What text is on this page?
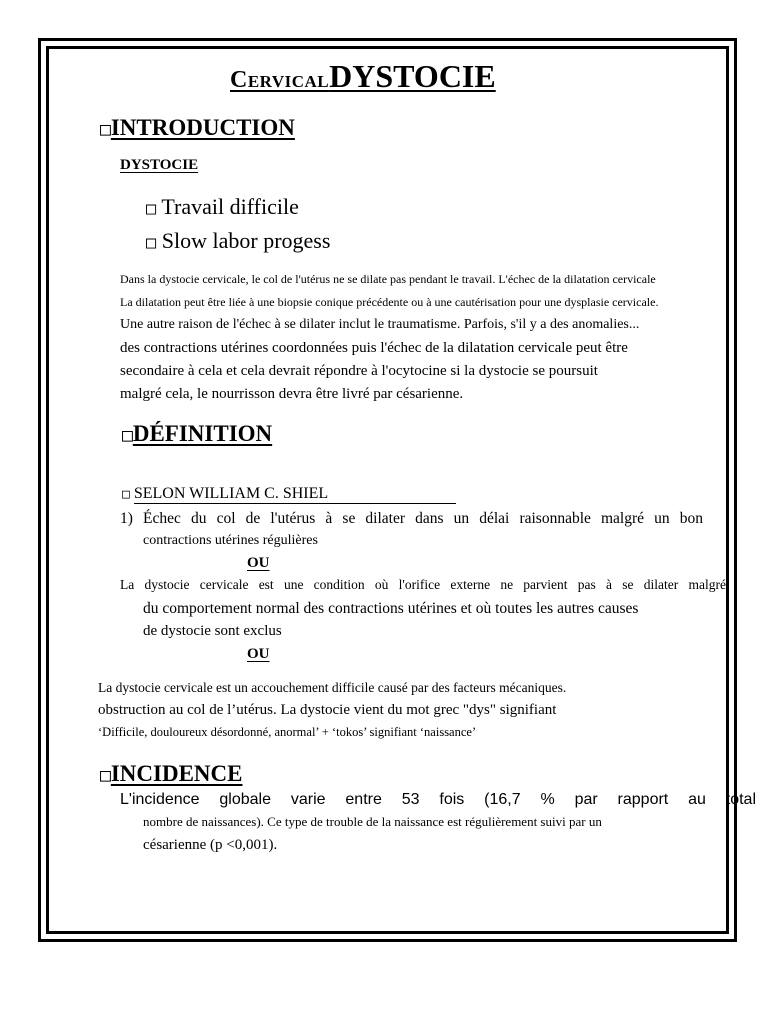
CervicalDYSTOCIE
□INTRODUCTION
DYSTOCIE
□ Travail difficile
□ Slow labor progess
Dans la dystocie cervicale, le col de l'utérus ne se dilate pas pendant le travail. L'échec de la dilatation cervicale
La dilatation peut être liée à une biopsie conique précédente ou à une cautérisation pour une dysplasie cervicale.
Une autre raison de l'échec à se dilater inclut le traumatisme. Parfois, s'il y a des anomalies...
des contractions utérines coordonnées puis l'échec de la dilatation cervicale peut être
secondaire à cela et cela devrait répondre à l'ocytocine si la dystocie se poursuit
malgré cela, le nourrisson devra être livré par césarienne.
□DÉFINITION
□ SELON WILLIAM C. SHIEL
1) Échec du col de l'utérus à se dilater dans un délai raisonnable malgré un bon
contractions utérines régulières
OU
La dystocie cervicale est une condition où l'orifice externe ne parvient pas à se dilater malgré
du comportement normal des contractions utérines et où toutes les autres causes
de dystocie sont exclus
OU
La dystocie cervicale est un accouchement difficile causé par des facteurs mécaniques.
obstruction au col de l’utérus. La dystocie vient du mot grec "dys" signifiant
‘Difficile, douloureux désordonné, anormal’ + ‘tokos’ signifiant ‘naissance’
□INCIDENCE
L'incidence globale varie entre 53 fois (16,7 % par rapport au total
nombre de naissances). Ce type de trouble de la naissance est régulièrement suivi par un
césarienne (p <0,001).
